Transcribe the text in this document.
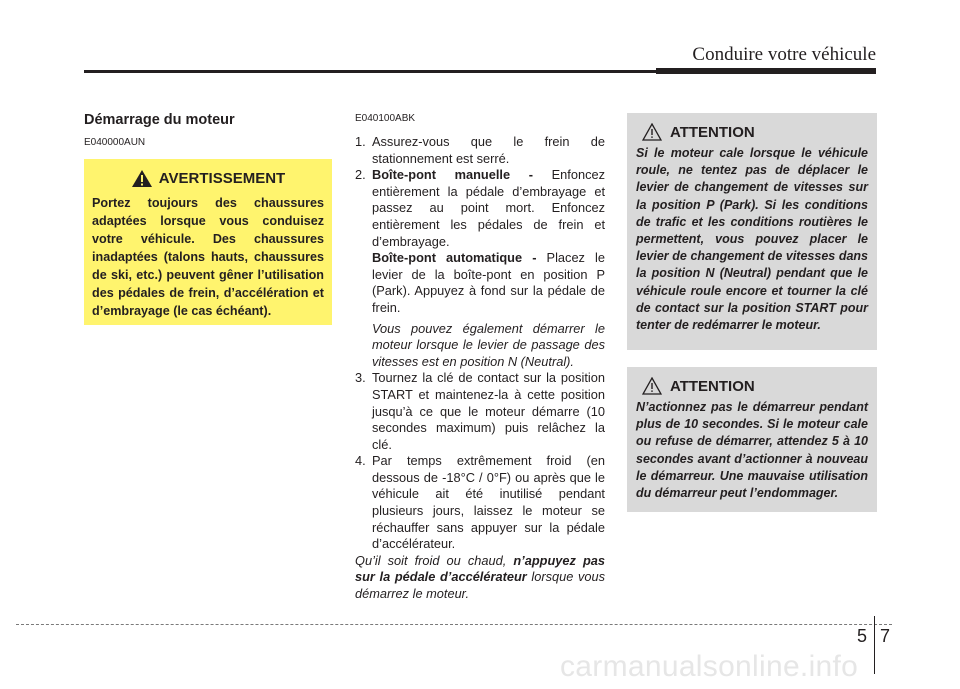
Conduire votre véhicule
Démarrage du moteur
E040000AUN
AVERTISSEMENT
Portez toujours des chaussures adaptées lorsque vous conduisez votre véhicule. Des chaussures inadaptées (talons hauts, chaussures de ski, etc.) peuvent gêner l’utilisation des pédales de frein, d’accélération et d’embrayage (le cas échéant).
E040100ABK

1. Assurez-vous que le frein de stationnement est serré.

2. Boîte-pont manuelle - Enfoncez entièrement la pédale d’embrayage et passez au point mort. Enfoncez entièrement les pédales de frein et d’embrayage.

Boîte-pont automatique - Placez le levier de la boîte-pont en position P (Park). Appuyez à fond sur la pédale de frein.

Vous pouvez également démarrer le moteur lorsque le levier de passage des vitesses est en position N (Neutral).

3. Tournez la clé de contact sur la position START et maintenez-la à cette position jusqu’à ce que le moteur démarre (10 secondes maximum) puis relâchez la clé.

4. Par temps extrêmement froid (en dessous de -18°C / 0°F) ou après que le véhicule ait été inutilisé pendant plusieurs jours, laissez le moteur se réchauffer sans appuyer sur la pédale d’accélérateur.

Qu’il soit froid ou chaud, n’appuyez pas sur la pédale d’accélérateur lorsque vous démarrez le moteur.

ATTENTION
Si le moteur cale lorsque le véhicule roule, ne tentez pas de déplacer le levier de changement de vitesses sur la position P (Park). Si les conditions de trafic et les conditions routières le permettent, vous pouvez placer le levier de changement de vitesses dans la position N (Neutral) pendant que le véhicule roule encore et tourner la clé de contact sur la position START pour tenter de redémarrer le moteur.
ATTENTION
N’actionnez pas le démarreur pendant plus de 10 secondes. Si le moteur cale ou refuse de démarrer, attendez 5 à 10 secondes avant d’actionner à nouveau le démarreur. Une mauvaise utilisation du démarreur peut l’endommager.
5 7
carmanualsonline.info
